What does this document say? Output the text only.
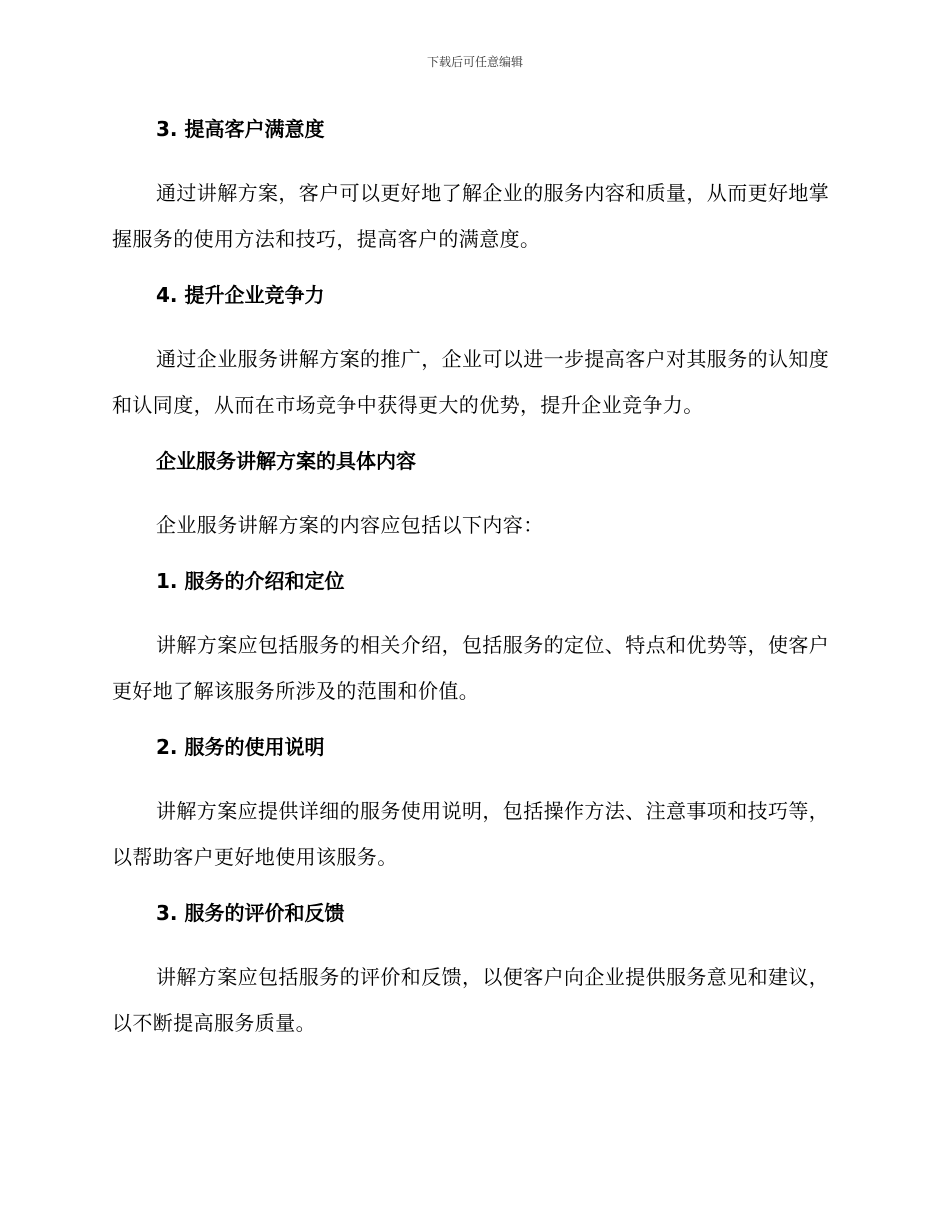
下载后可任意编辑
3. 提高客户满意度

通过讲解方案，客户可以更好地了解企业的服务内容和质量，从而更好地掌握服务的使用方法和技巧，提高客户的满意度。

4. 提升企业竞争力

通过企业服务讲解方案的推广，企业可以进一步提高客户对其服务的认知度和认同度，从而在市场竞争中获得更大的优势，提升企业竞争力。

企业服务讲解方案的具体内容

企业服务讲解方案的内容应包括以下内容：

1. 服务的介绍和定位

讲解方案应包括服务的相关介绍，包括服务的定位、特点和优势等，使客户更好地了解该服务所涉及的范围和价值。

2. 服务的使用说明

讲解方案应提供详细的服务使用说明，包括操作方法、注意事项和技巧等，以帮助客户更好地使用该服务。

3. 服务的评价和反馈

讲解方案应包括服务的评价和反馈，以便客户向企业提供服务意见和建议，以不断提高服务质量。
